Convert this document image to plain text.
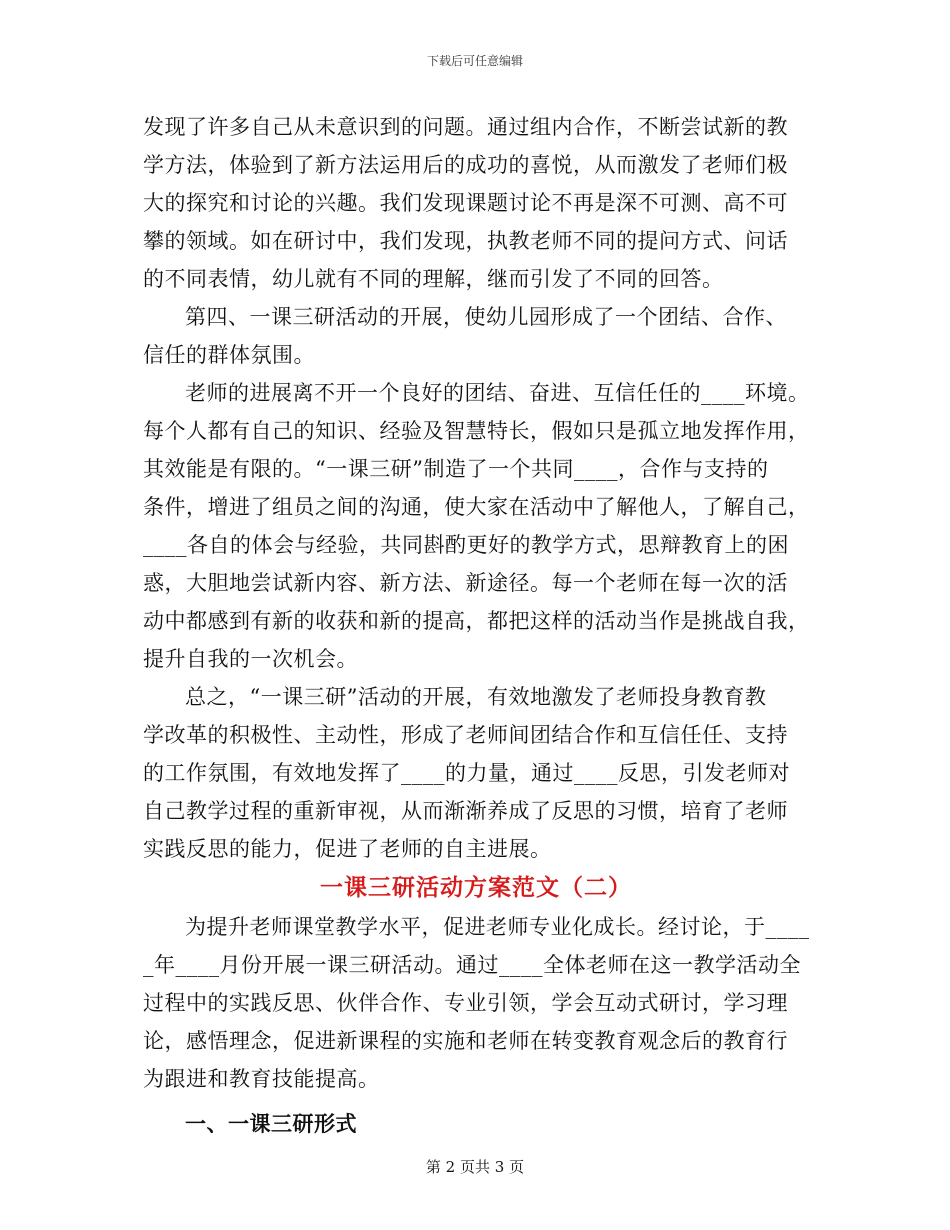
下载后可任意编辑
发现了许多自己从未意识到的问题。通过组内合作，不断尝试新的教
学方法，体验到了新方法运用后的成功的喜悦，从而激发了老师们极
大的探究和讨论的兴趣。我们发现课题讨论不再是深不可测、高不可
攀的领域。如在研讨中，我们发现，执教老师不同的提问方式、问话
的不同表情，幼儿就有不同的理解，继而引发了不同的回答。
第四、一课三研活动的开展，使幼儿园形成了一个团结、合作、
信任的群体氛围。
老师的进展离不开一个良好的团结、奋进、互信任任的____环境。
每个人都有自己的知识、经验及智慧特长，假如只是孤立地发挥作用，
其效能是有限的。“一课三研”制造了一个共同____，合作与支持的
条件，增进了组员之间的沟通，使大家在活动中了解他人，了解自己，
____各自的体会与经验，共同斟酌更好的教学方式，思辩教育上的困
惑，大胆地尝试新内容、新方法、新途径。每一个老师在每一次的活
动中都感到有新的收获和新的提高，都把这样的活动当作是挑战自我，
提升自我的一次机会。
总之，“一课三研”活动的开展，有效地激发了老师投身教育教
学改革的积极性、主动性，形成了老师间团结合作和互信任任、支持
的工作氛围，有效地发挥了____的力量，通过____反思，引发老师对
自己教学过程的重新审视，从而渐渐养成了反思的习惯，培育了老师
实践反思的能力，促进了老师的自主进展。
一课三研活动方案范文（二）
为提升老师课堂教学水平，促进老师专业化成长。经讨论，于____
_年____月份开展一课三研活动。通过____全体老师在这一教学活动全
过程中的实践反思、伙伴合作、专业引领，学会互动式研讨，学习理
论，感悟理念，促进新课程的实施和老师在转变教育观念后的教育行
为跟进和教育技能提高。
一、一课三研形式
第 2 页共 3 页
